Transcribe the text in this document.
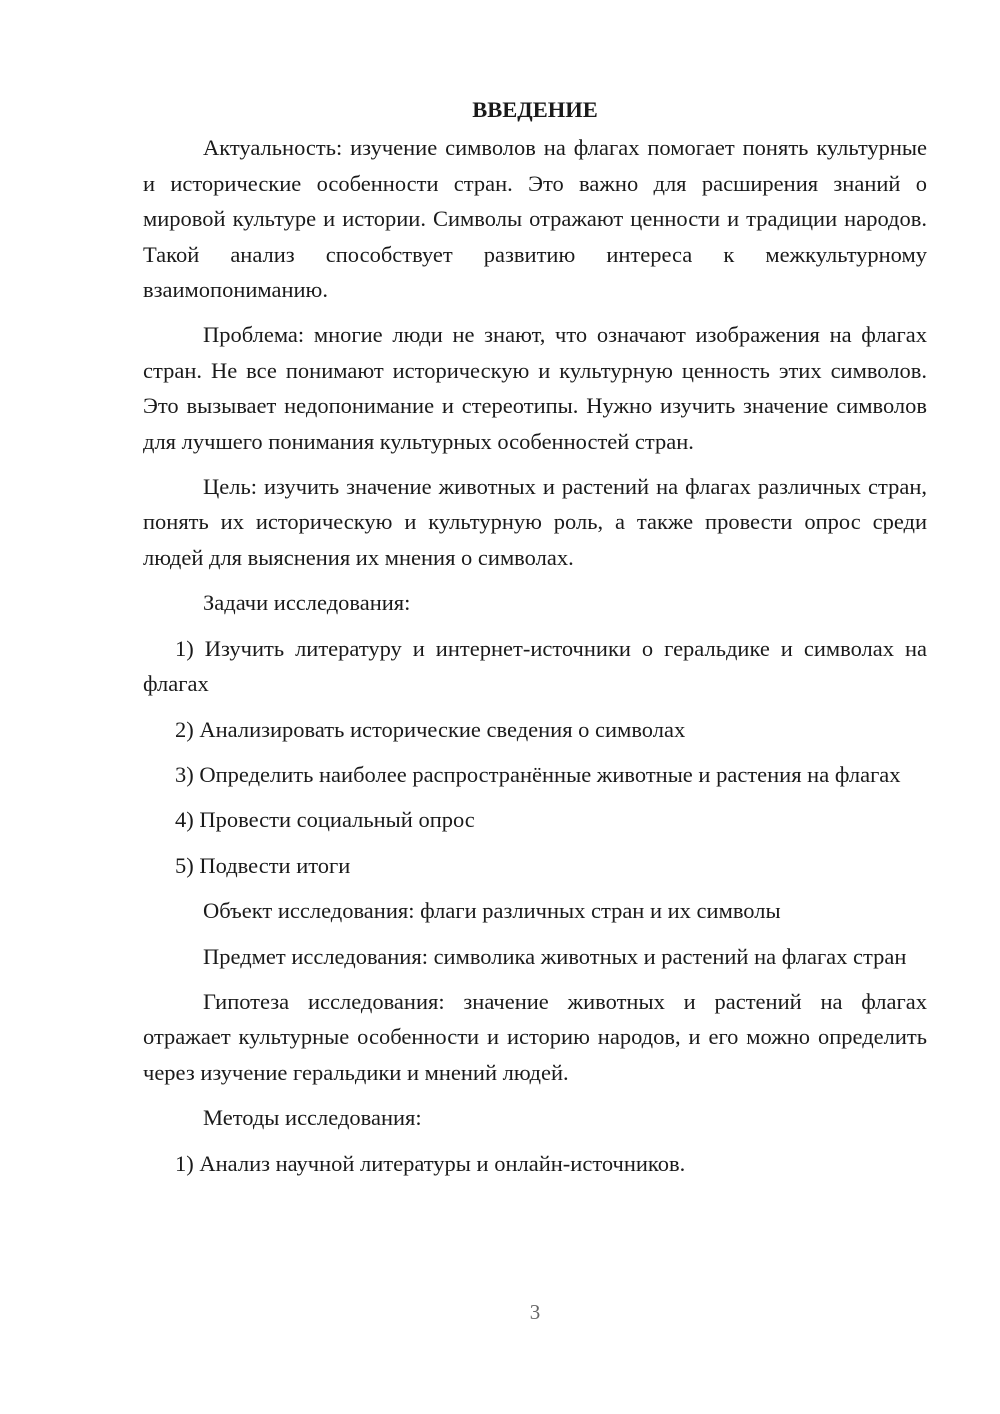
ВВЕДЕНИЕ

Актуальность: изучение символов на флагах помогает понять культурные и исторические особенности стран. Это важно для расширения знаний о мировой культуре и истории. Символы отражают ценности и традиции народов. Такой анализ способствует развитию интереса к межкультурному взаимопониманию.

Проблема: многие люди не знают, что означают изображения на флагах стран. Не все понимают историческую и культурную ценность этих символов. Это вызывает недопонимание и стереотипы. Нужно изучить значение символов для лучшего понимания культурных особенностей стран.

Цель: изучить значение животных и растений на флагах различных стран, понять их историческую и культурную роль, а также провести опрос среди людей для выяснения их мнения о символах.

Задачи исследования:

1) Изучить литературу и интернет-источники о геральдике и символах на флагах

2) Анализировать исторические сведения о символах

3) Определить наиболее распространённые животные и растения на флагах

4) Провести социальный опрос

5) Подвести итоги

Объект исследования: флаги различных стран и их символы

Предмет исследования: символика животных и растений на флагах стран

Гипотеза исследования: значение животных и растений на флагах отражает культурные особенности и историю народов, и его можно определить через изучение геральдики и мнений людей.

Методы исследования:

1) Анализ научной литературы и онлайн-источников.

3
